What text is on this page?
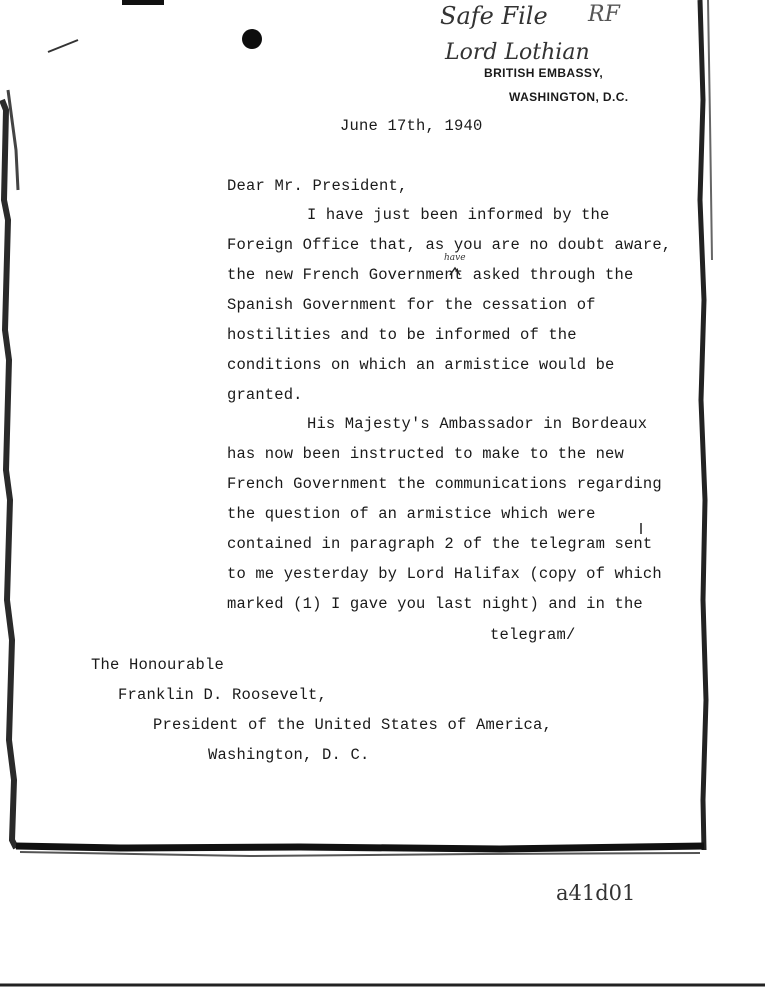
Safe File RF
Lord Lothian
have
a41d01
BRITISH EMBASSY,
WASHINGTON, D.C.
June 17th, 1940
Dear Mr. President,
I have just been informed by the
Foreign Office that, as you are no doubt aware,
the new French Government asked through the
Spanish Government for the cessation of
hostilities and to be informed of the
conditions on which an armistice would be
granted.
His Majesty's Ambassador in Bordeaux
has now been instructed to make to the new
French Government the communications regarding
the question of an armistice which were
contained in paragraph 2 of the telegram sent
to me yesterday by Lord Halifax (copy of which
marked (1) I gave you last night) and in the
telegram/
The Honourable
Franklin D. Roosevelt,
President of the United States of America,
Washington, D. C.
